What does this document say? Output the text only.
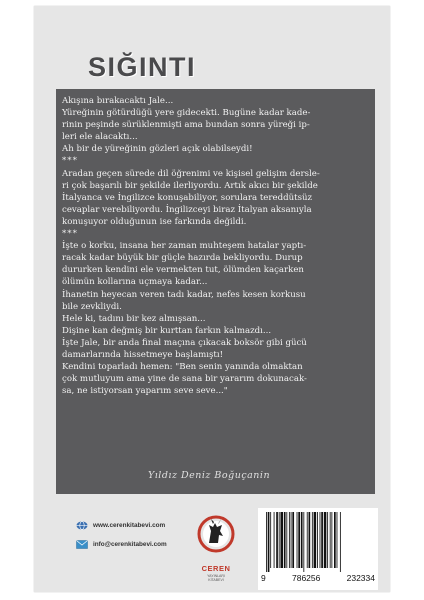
SIĞINTI

Akışına bırakacaktı Jale...
Yüreğinin götürdüğü yere gidecekti. Bugüne kadar kade-
rinin peşinde sürüklenmişti ama bundan sonra yüreği ip-
leri ele alacaktı...
Ah bir de yüreğinin gözleri açık olabilseydi!

***

Aradan geçen sürede dil öğrenimi ve kişisel gelişim dersle-
ri çok başarılı bir şekilde ilerliyordu. Artık akıcı bir şekilde
İtalyanca ve İngilizce konuşabiliyor, sorulara tereddütsüz
cevaplar verebiliyordu. İngilizceyi biraz İtalyan aksanıyla
konuşuyor olduğunun ise farkında değildi.

***

İşte o korku, insana her zaman muhteşem hatalar yaptı-
racak kadar büyük bir güçle hazırda bekliyordu. Durup
dururken kendini ele vermekten tut, ölümden kaçarken
ölümün kollarına uçmaya kadar...
İhanetin heyecan veren tadı kadar, nefes kesen korkusu
bile zevkliydi.
Hele ki, tadını bir kez almışsan...
Dişine kan değmiş bir kurttan farkın kalmazdı...
İşte Jale, bir anda final maçına çıkacak boksör gibi gücü
damarlarında hissetmeye başlamıştı!
Kendini toparladı hemen: "Ben senin yanında olmaktan
çok mutluyum ama yine de sana bir yararım dokunacak-
sa, ne istiyorsan yaparım seve seve..."

Yıldız Deniz Boğuçanin
www.cerenkitabevi.com
info@cerenkitabevi.com
CEREN
YAYINLARI
KİTABEVİ	9	786256	232334
